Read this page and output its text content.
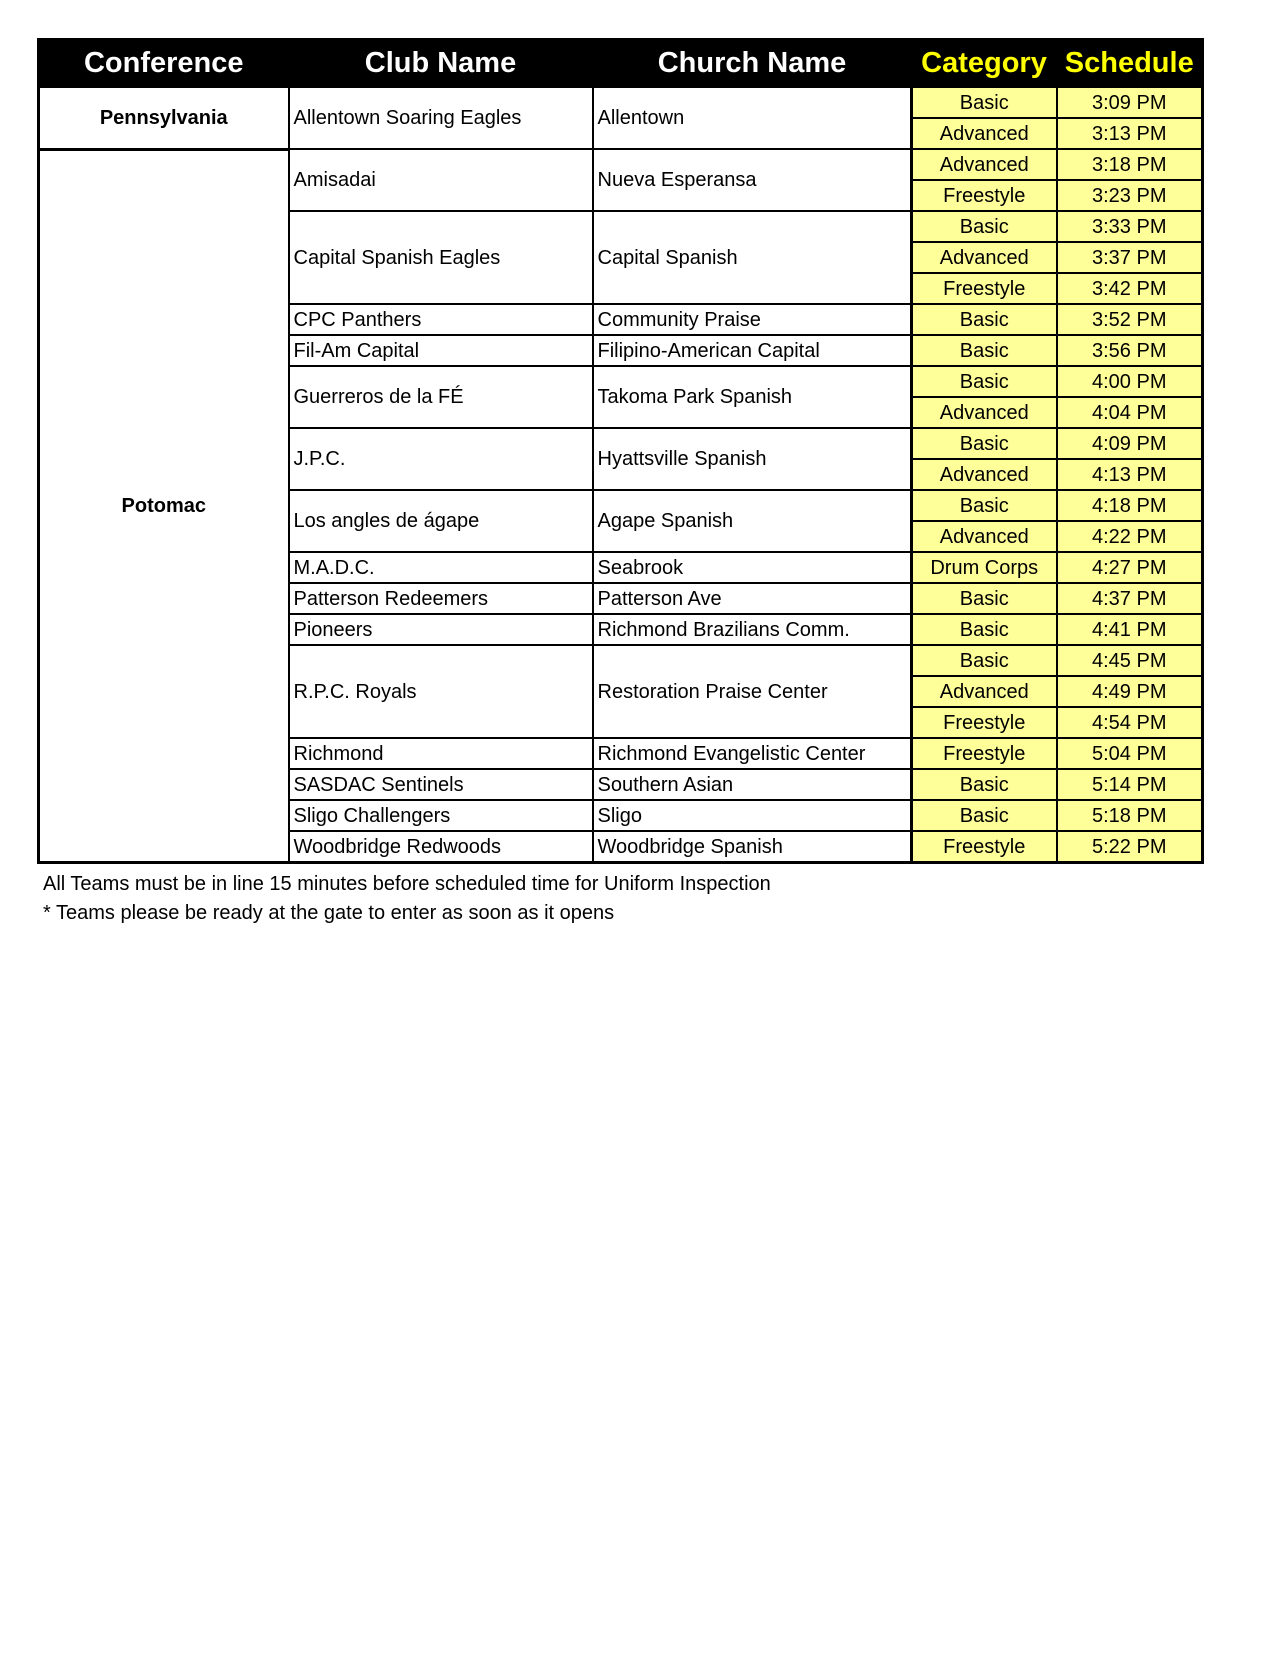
Conference	Club Name	Church Name	Category	Schedule
Pennsylvania	Allentown Soaring Eagles	Allentown	Basic	3:09 PM
			Advanced	3:13 PM
Potomac	Amisadai	Nueva Esperansa	Advanced	3:18 PM
			Freestyle	3:23 PM
	Capital Spanish Eagles	Capital Spanish	Basic	3:33 PM
			Advanced	3:37 PM
			Freestyle	3:42 PM
	CPC Panthers	Community Praise	Basic	3:52 PM
	Fil-Am Capital	Filipino-American Capital	Basic	3:56 PM
	Guerreros de la FÉ	Takoma Park Spanish	Basic	4:00 PM
			Advanced	4:04 PM
	J.P.C.	Hyattsville Spanish	Basic	4:09 PM
			Advanced	4:13 PM
	Los angles de ágape	Agape Spanish	Basic	4:18 PM
			Advanced	4:22 PM
	M.A.D.C.	Seabrook	Drum Corps	4:27 PM
	Patterson Redeemers	Patterson Ave	Basic	4:37 PM
	Pioneers	Richmond Brazilians Comm.	Basic	4:41 PM
	R.P.C. Royals	Restoration Praise Center	Basic	4:45 PM
			Advanced	4:49 PM
			Freestyle	4:54 PM
	Richmond	Richmond Evangelistic Center	Freestyle	5:04 PM
	SASDAC Sentinels	Southern Asian	Basic	5:14 PM
	Sligo Challengers	Sligo	Basic	5:18 PM
	Woodbridge Redwoods	Woodbridge Spanish	Freestyle	5:22 PM
All Teams must be in line 15 minutes before scheduled time for Uniform Inspection
* Teams please be ready at the gate to enter as soon as it opens
